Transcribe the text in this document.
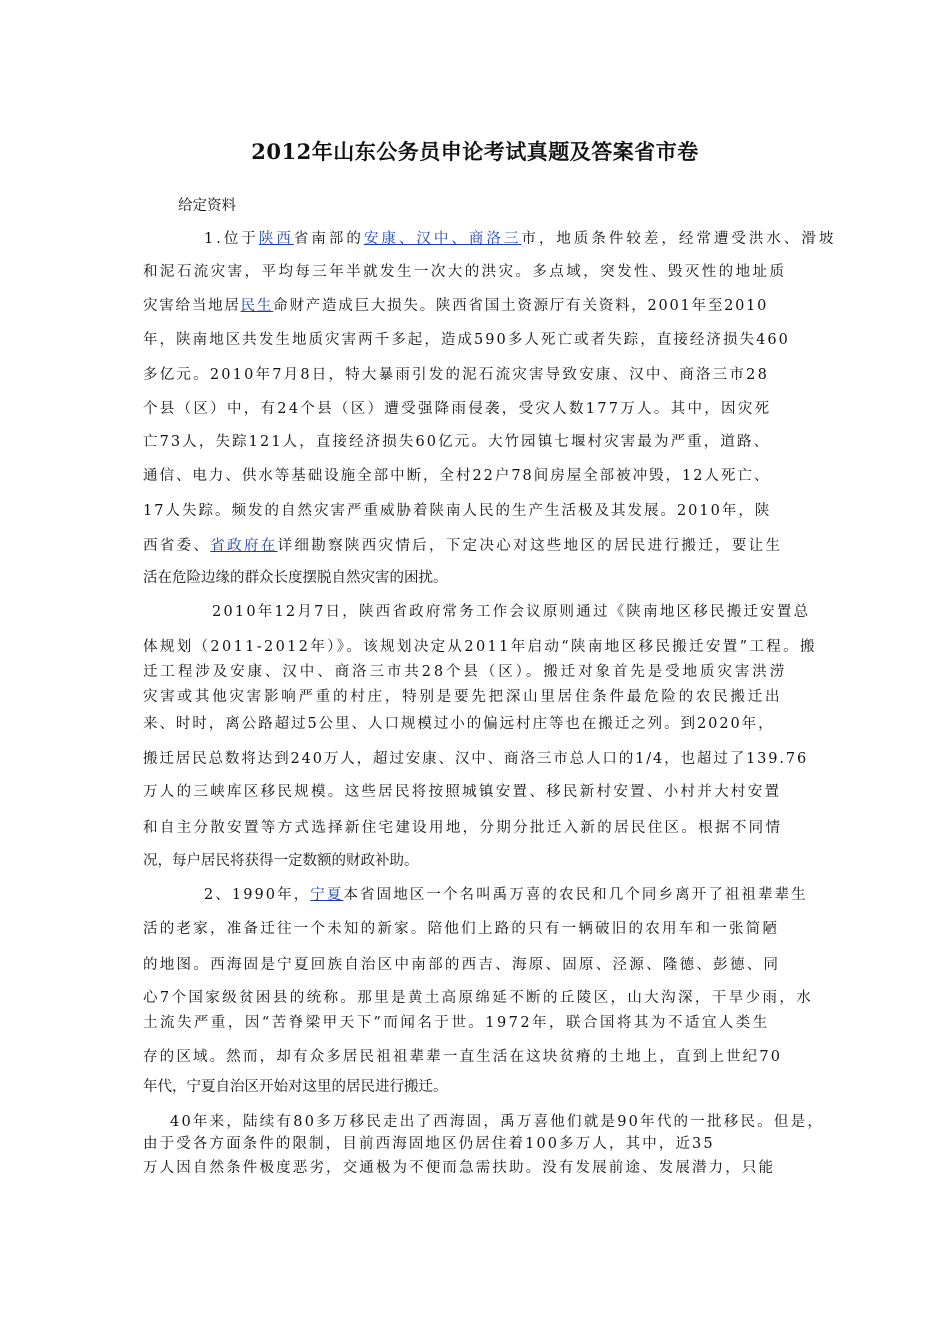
2012年山东公务员申论考试真题及答案省市卷
给定资料
1.位于陕西省南部的安康、汉中、商洛三市，地质条件较差，经常遭受洪水、滑坡
和泥石流灾害，平均每三年半就发生一次大的洪灾。多点域，突发性、毁灭性的地址质
灾害给当地居民生命财产造成巨大损失。陕西省国土资源厅有关资料，2001年至2010
年，陕南地区共发生地质灾害两千多起，造成590多人死亡或者失踪，直接经济损失460
多亿元。2010年7月8日，特大暴雨引发的泥石流灾害导致安康、汉中、商洛三市28
个县（区）中，有24个县（区）遭受强降雨侵袭，受灾人数177万人。其中，因灾死
亡73人，失踪121人，直接经济损失60亿元。大竹园镇七堰村灾害最为严重，道路、
通信、电力、供水等基础设施全部中断，全村22户78间房屋全部被冲毁，12人死亡、
17人失踪。频发的自然灾害严重威胁着陕南人民的生产生活极及其发展。2010年，陕
西省委、省政府在详细勘察陕西灾情后，下定决心对这些地区的居民进行搬迁，要让生
活在危险边缘的群众长度摆脱自然灾害的困扰。
2010年12月7日，陕西省政府常务工作会议原则通过《陕南地区移民搬迁安置总
体规划（2011-2012年）》。该规划决定从2011年启动“陕南地区移民搬迁安置”工程。搬
迁工程涉及安康、汉中、商洛三市共28个县（区）。搬迁对象首先是受地质灾害洪涝
灾害或其他灾害影响严重的村庄，特别是要先把深山里居住条件最危险的农民搬迁出
来、时时，离公路超过5公里、人口规模过小的偏远村庄等也在搬迁之列。到2020年，
搬迁居民总数将达到240万人，超过安康、汉中、商洛三市总人口的1/4，也超过了139.76
万人的三峡库区移民规模。这些居民将按照城镇安置、移民新村安置、小村并大村安置
和自主分散安置等方式选择新住宅建设用地，分期分批迁入新的居民住区。根据不同情
况，每户居民将获得一定数额的财政补助。
2、1990年，宁夏本省固地区一个名叫禹万喜的农民和几个同乡离开了祖祖辈辈生
活的老家，准备迁往一个未知的新家。陪他们上路的只有一辆破旧的农用车和一张简陋
的地图。西海固是宁夏回族自治区中南部的西吉、海原、固原、泾源、隆德、彭德、同
心7个国家级贫困县的统称。那里是黄土高原绵延不断的丘陵区，山大沟深，干旱少雨，水
土流失严重，因“苦脊梁甲天下”而闻名于世。1972年，联合国将其为不适宜人类生
存的区域。然而，却有众多居民祖祖辈辈一直生活在这块贫瘠的土地上，直到上世纪70
年代，宁夏自治区开始对这里的居民进行搬迁。
40年来，陆续有80多万移民走出了西海固，禹万喜他们就是90年代的一批移民。但是，
由于受各方面条件的限制，目前西海固地区仍居住着100多万人，其中，近35
万人因自然条件极度恶劣，交通极为不便而急需扶助。没有发展前途、发展潜力，只能
